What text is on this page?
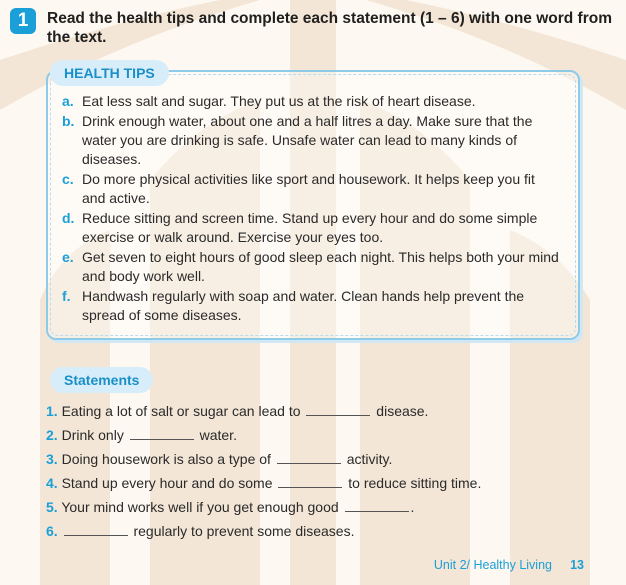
1	Read the health tips and complete each statement (1 – 6) with one word from the text.
HEALTH TIPS
a. Eat less salt and sugar. They put us at the risk of heart disease.
b. Drink enough water, about one and a half litres a day. Make sure that the water you are drinking is safe. Unsafe water can lead to many kinds of diseases.
c. Do more physical activities like sport and housework. It helps keep you fit and active.
d. Reduce sitting and screen time. Stand up every hour and do some simple exercise or walk around. Exercise your eyes too.
e. Get seven to eight hours of good sleep each night. This helps both your mind and body work well.
f. Handwash regularly with soap and water. Clean hands help prevent the spread of some diseases.
Statements
1. Eating a lot of salt or sugar can lead to	disease.
2. Drink only	water.
3. Doing housework is also a type of	activity.
4. Stand up every hour and do some	to reduce sitting time.
5. Your mind works well if you get enough good	.
6.	regularly to prevent some diseases.
Unit 2/ Healthy Living	13
